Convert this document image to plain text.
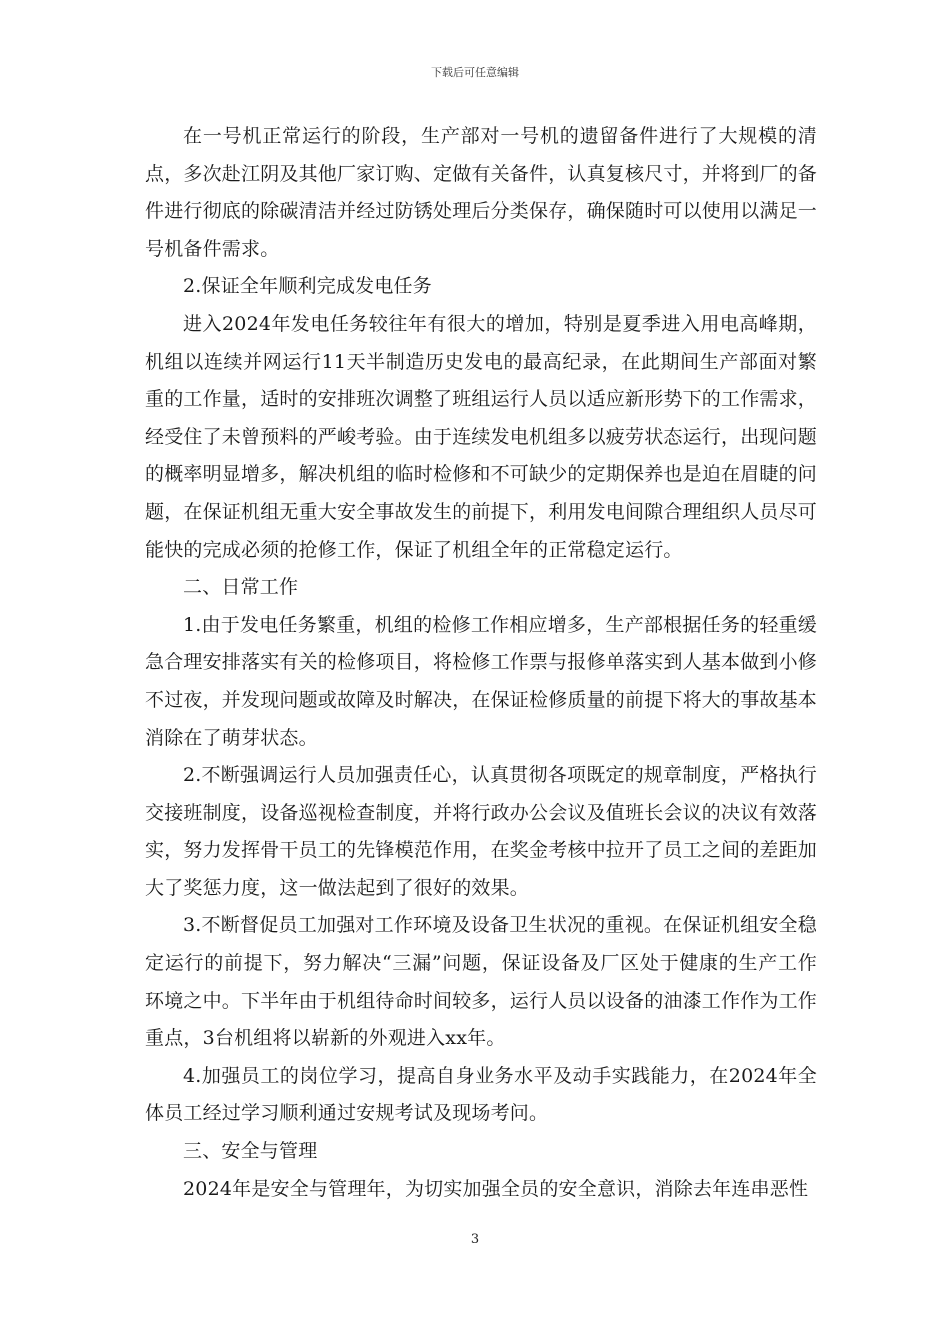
下载后可任意编辑

在一号机正常运行的阶段，生产部对一号机的遗留备件进行了大规模的清点，多次赴江阴及其他厂家订购、定做有关备件，认真复核尺寸，并将到厂的备件进行彻底的除碳清洁并经过防锈处理后分类保存，确保随时可以使用以满足一号机备件需求。

2.保证全年顺利完成发电任务

进入2024年发电任务较往年有很大的增加，特别是夏季进入用电高峰期，机组以连续并网运行11天半制造历史发电的最高纪录，在此期间生产部面对繁重的工作量，适时的安排班次调整了班组运行人员以适应新形势下的工作需求，经受住了未曾预料的严峻考验。由于连续发电机组多以疲劳状态运行，出现问题的概率明显增多，解决机组的临时检修和不可缺少的定期保养也是迫在眉睫的问题，在保证机组无重大安全事故发生的前提下，利用发电间隙合理组织人员尽可能快的完成必须的抢修工作，保证了机组全年的正常稳定运行。

二、日常工作

1.由于发电任务繁重，机组的检修工作相应增多，生产部根据任务的轻重缓急合理安排落实有关的检修项目，将检修工作票与报修单落实到人基本做到小修不过夜，并发现问题或故障及时解决，在保证检修质量的前提下将大的事故基本消除在了萌芽状态。

2.不断强调运行人员加强责任心，认真贯彻各项既定的规章制度，严格执行交接班制度，设备巡视检查制度，并将行政办公会议及值班长会议的决议有效落实，努力发挥骨干员工的先锋模范作用，在奖金考核中拉开了员工之间的差距加大了奖惩力度，这一做法起到了很好的效果。

3.不断督促员工加强对工作环境及设备卫生状况的重视。在保证机组安全稳定运行的前提下，努力解决“三漏”问题，保证设备及厂区处于健康的生产工作环境之中。下半年由于机组待命时间较多，运行人员以设备的油漆工作作为工作重点，3台机组将以崭新的外观进入xx年。

4.加强员工的岗位学习，提高自身业务水平及动手实践能力，在2024年全体员工经过学习顺利通过安规考试及现场考问。

三、安全与管理

2024年是安全与管理年，为切实加强全员的安全意识，消除去年连串恶性

3
